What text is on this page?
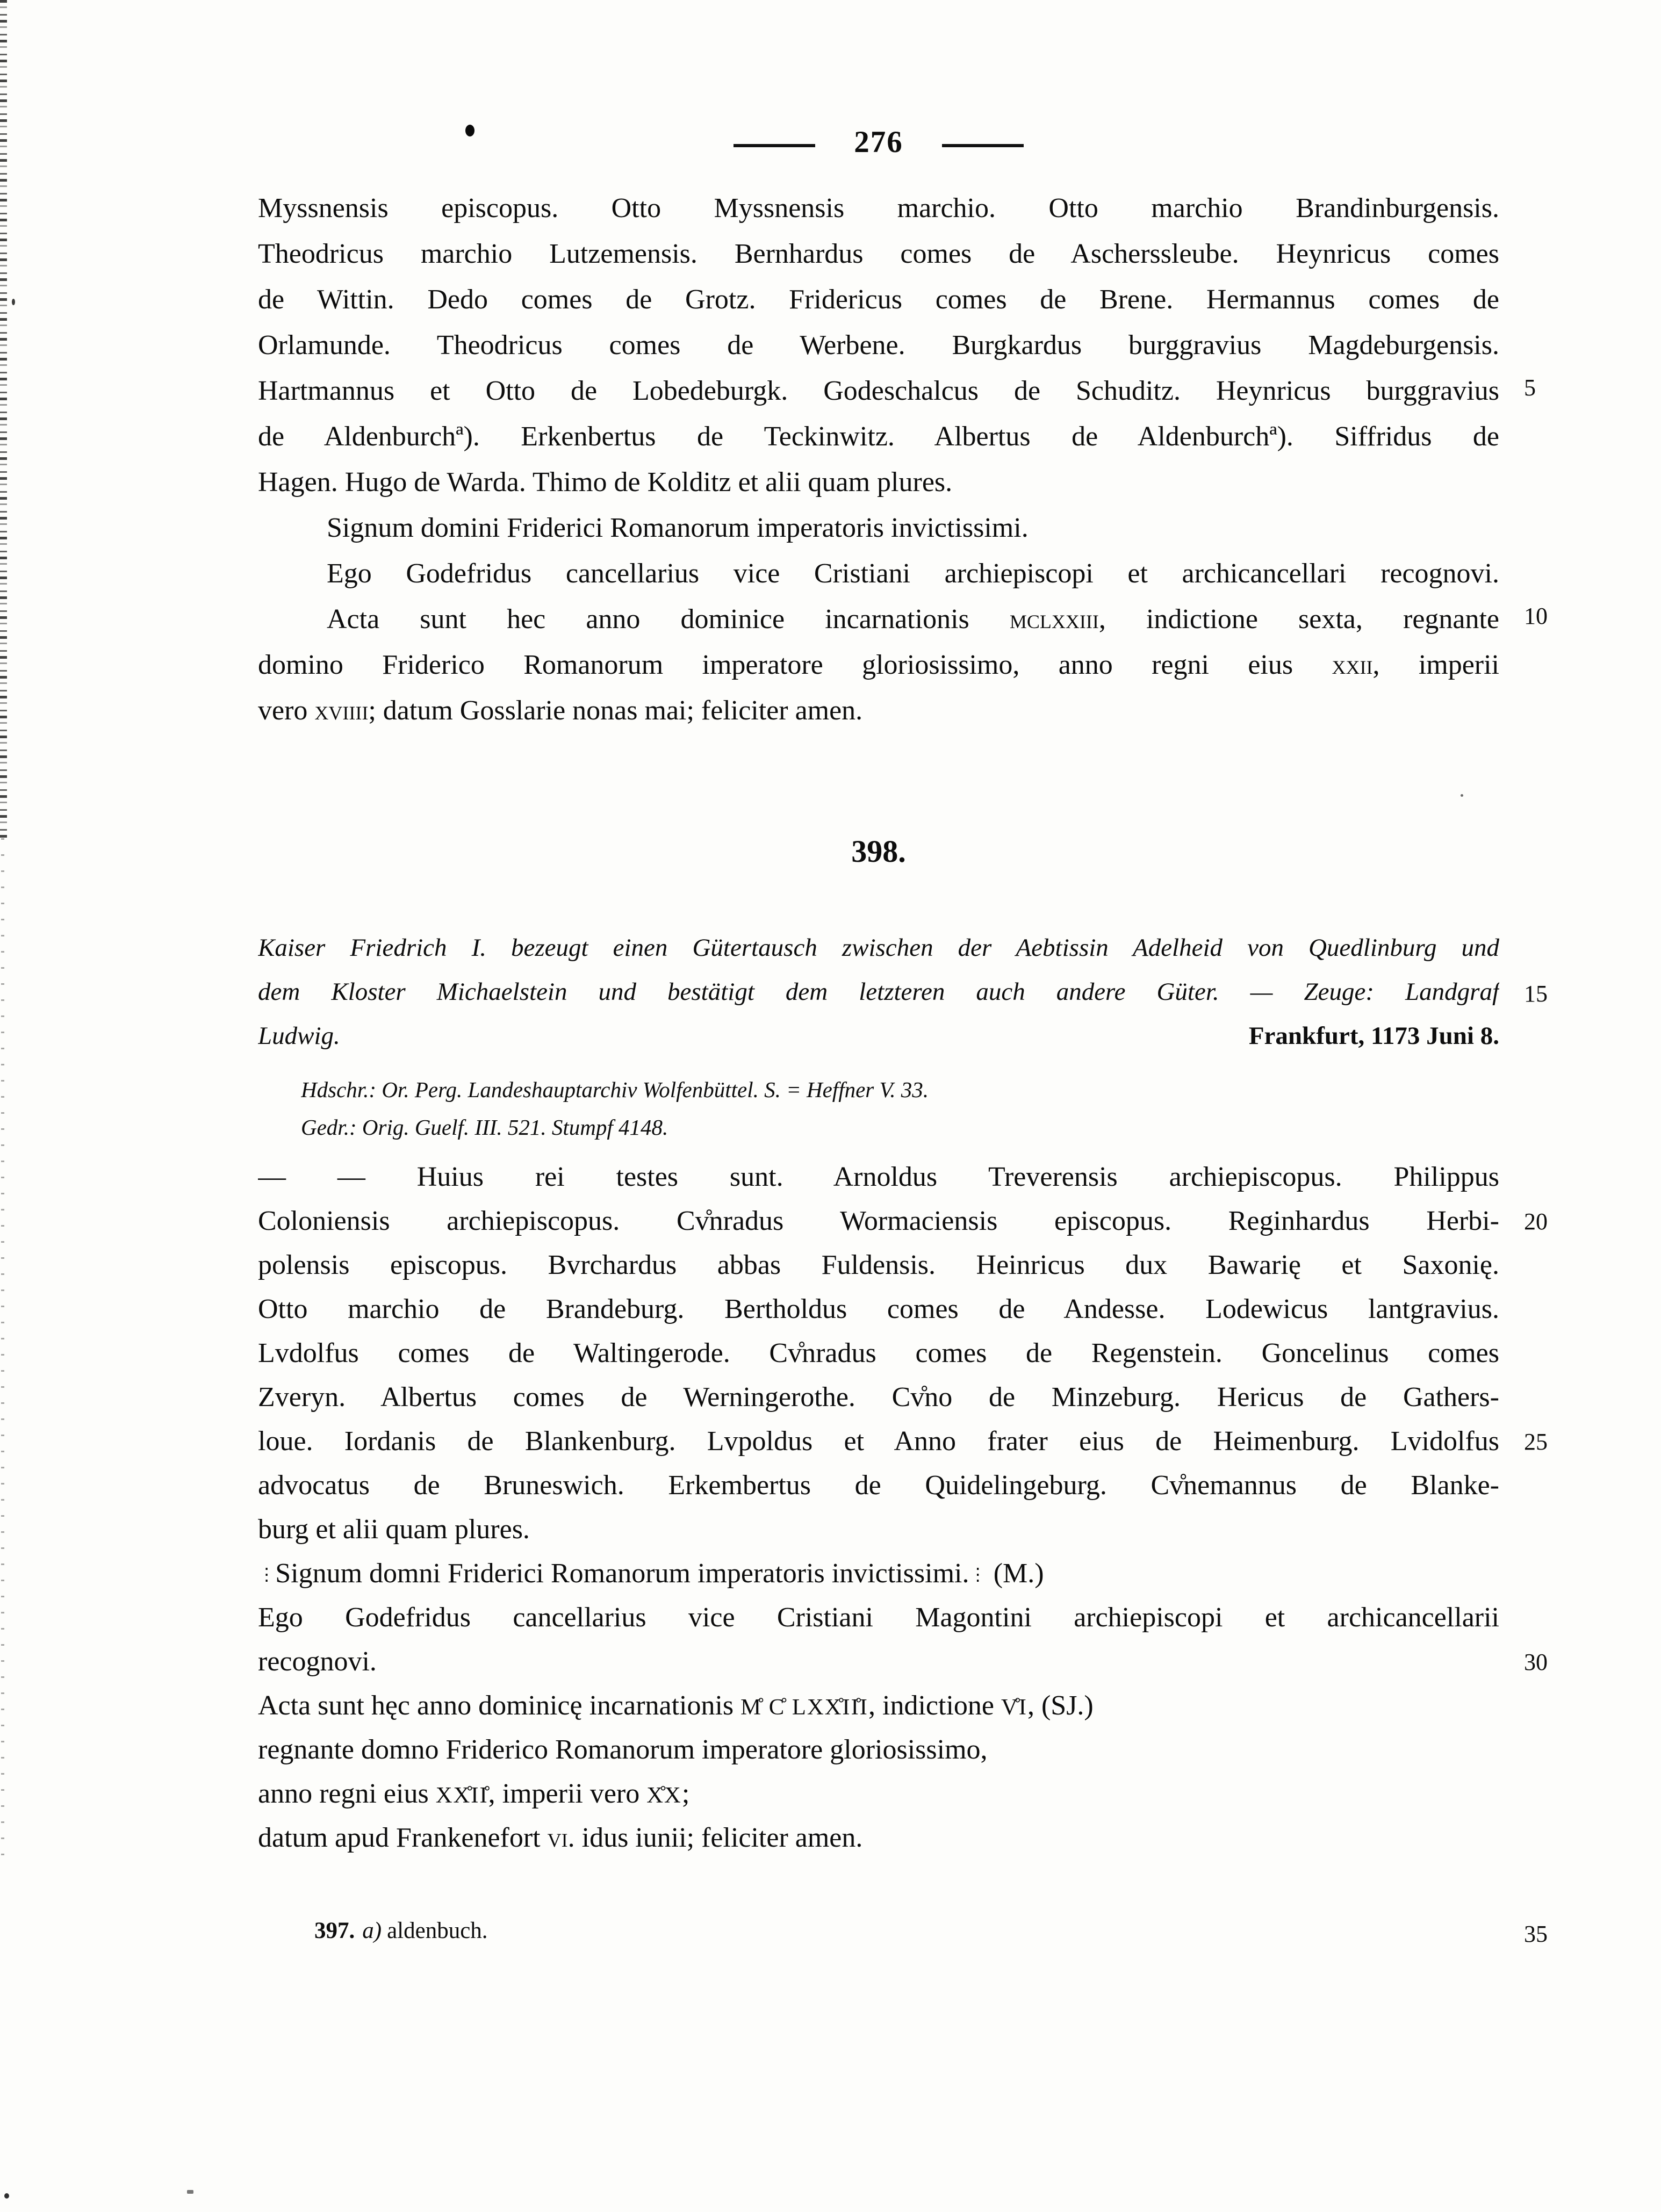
276
Myssnensis episcopus. Otto Myssnensis marchio. Otto marchio Brandinburgensis.
Theodricus marchio Lutzemensis. Bernhardus comes de Ascherssleube. Heynricus comes
de Wittin. Dedo comes de Grotz. Fridericus comes de Brene. Hermannus comes de
Orlamunde. Theodricus comes de Werbene. Burgkardus burggravius Magdeburgensis.
Hartmannus et Otto de Lobedeburgk. Godeschalcus de Schuditz. Heynricus burggravius
de Aldenburchª). Erkenbertus de Teckinwitz. Albertus de Aldenburchª). Siffridus de
Hagen. Hugo de Warda. Thimo de Kolditz et alii quam plures.
Signum domini Friderici Romanorum imperatoris invictissimi.
Ego Godefridus cancellarius vice Cristiani archiepiscopi et archicancellari recognovi.
Acta sunt hec anno dominice incarnationis mclxxiii, indictione sexta, regnante
domino Friderico Romanorum imperatore gloriosissimo, anno regni eius xxii, imperii
vero xviiii; datum Gosslarie nonas mai; feliciter amen.
398.
Kaiser Friedrich I. bezeugt einen Gütertausch zwischen der Aebtissin Adelheid von Quedlinburg und
dem Kloster Michaelstein und bestätigt dem letzteren auch andere Güter. — Zeuge: Landgraf
Ludwig.	Frankfurt, 1173 Juni 8.
Hdschr.: Or. Perg. Landeshauptarchiv Wolfenbüttel. S. = Heffner V. 33.
Gedr.: Orig. Guelf. III. 521. Stumpf 4148.
— — Huius rei testes sunt. Arnoldus Treverensis archiepiscopus. Philippus
Coloniensis archiepiscopus. Cv̊nradus Wormaciensis episcopus. Reginhardus Herbi-
polensis episcopus. Bvrchardus abbas Fuldensis. Heinricus dux Bawarię et Saxonię.
Otto marchio de Brandeburg. Bertholdus comes de Andesse. Lodewicus lantgravius.
Lvdolfus comes de Waltingerode. Cv̊nradus comes de Regenstein. Goncelinus comes
Zveryn. Albertus comes de Werningerothe. Cv̊no de Minzeburg. Hericus de Gathers-
loue. Iordanis de Blankenburg. Lvpoldus et Anno frater eius de Heimenburg. Lvidolfus
advocatus de Bruneswich. Erkembertus de Quidelingeburg. Cv̊nemannus de Blanke-
burg et alii quam plures.
⋮Signum domni Friderici Romanorum imperatoris invictissimi.⋮ (M.)
Ego Godefridus cancellarius vice Cristiani Magontini archiepiscopi et archicancellarii
recognovi.
Acta sunt hęc anno dominicę incarnationis M̊ C̊ LXX̊II̊I, indictione V̊I, (SJ.)
regnante domno Friderico Romanorum imperatore gloriosissimo,
anno regni eius XX̊II̊, imperii vero X̊X;
datum apud Frankenefort vi. idus iunii; feliciter amen.
5
10
15
20
25
30
35
397. a) aldenbuch.
